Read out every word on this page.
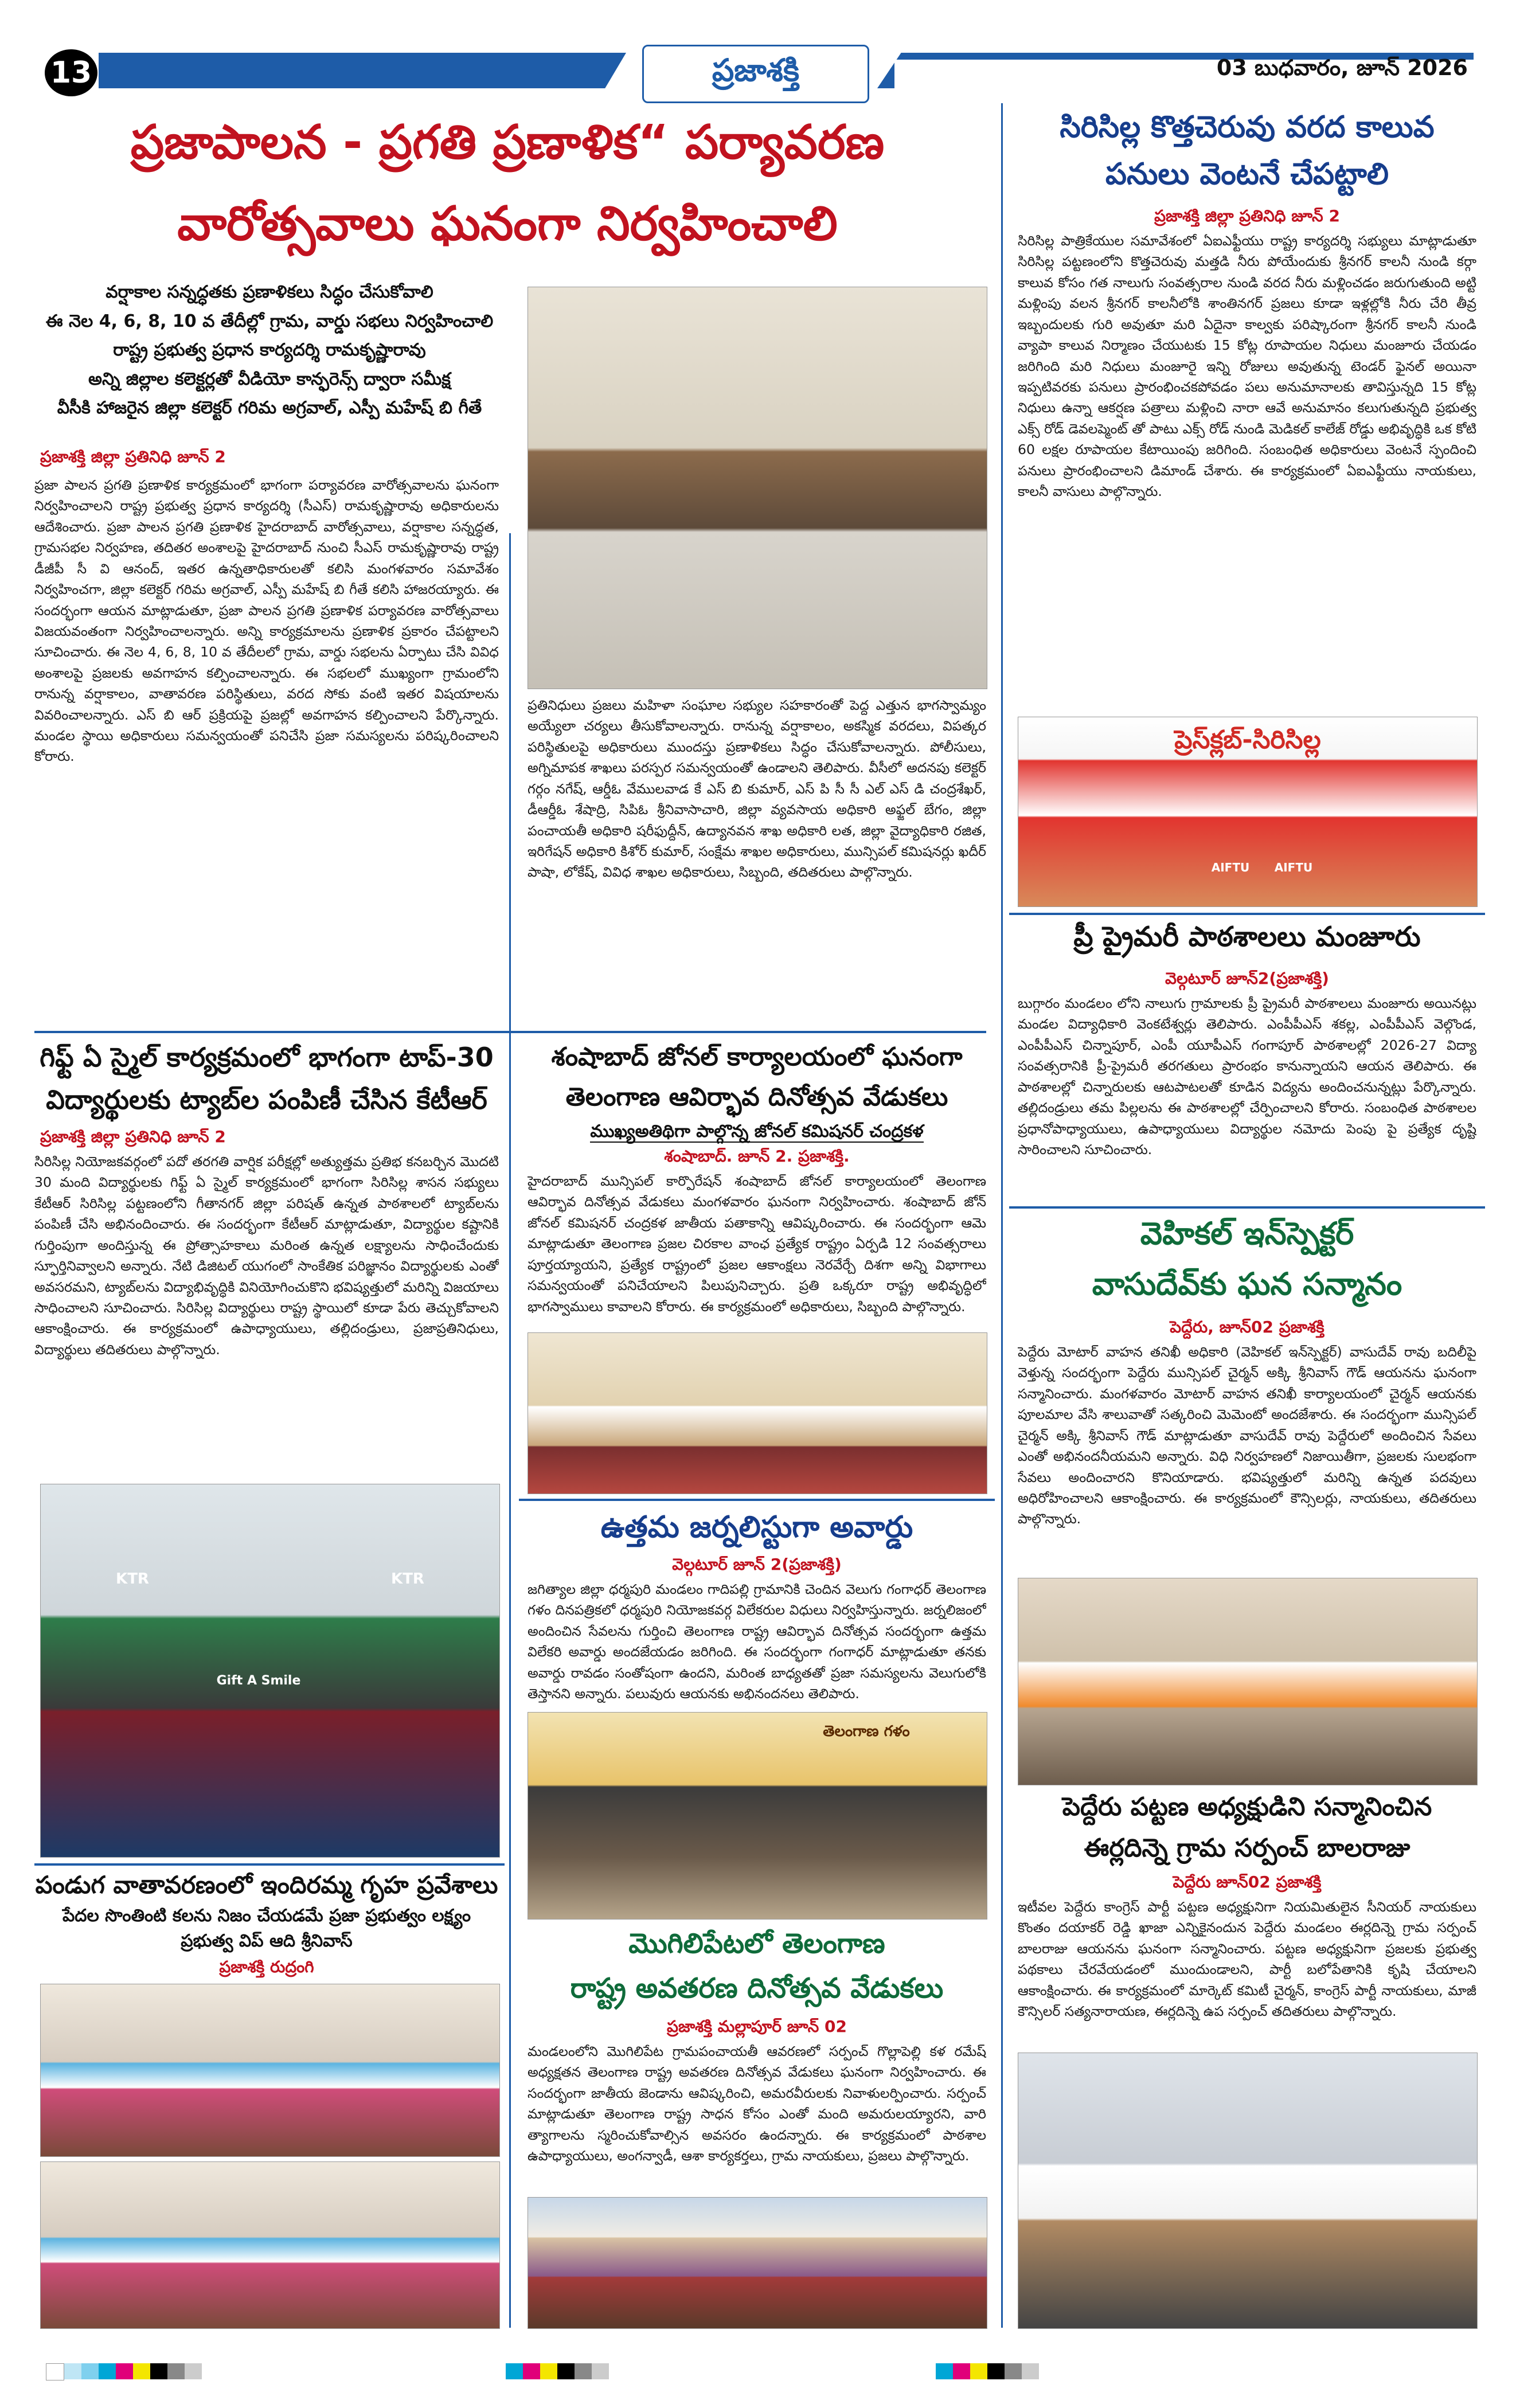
13	ప్రజాశక్తి	03 బుధవారం, జూన్ 2026
ప్రజాపాలన - ప్రగతి ప్రణాళిక“ పర్యావరణ
వారోత్సవాలు ఘనంగా నిర్వహించాలి
వర్షాకాల సన్నద్ధతకు ప్రణాళికలు సిద్ధం చేసుకోవాలి
ఈ నెల 4, 6, 8, 10 వ తేదీల్లో గ్రామ, వార్డు సభలు నిర్వహించాలి
రాష్ట్ర ప్రభుత్వ ప్రధాన కార్యదర్శి రామకృష్ణారావు
అన్ని జిల్లాల కలెక్టర్లతో వీడియో కాన్ఫరెన్స్ ద్వారా సమీక్ష
వీసీకి హాజరైన జిల్లా కలెక్టర్ గరిమ అగ్రవాల్, ఎస్పీ మహేష్ బి గీతే
ప్రజాశక్తి జిల్లా ప్రతినిధి జూన్ 2
ప్రజా పాలన ప్రగతి ప్రణాళిక కార్యక్రమంలో భాగంగా పర్యావరణ వారోత్సవాలను ఘనంగా నిర్వహించాలని రాష్ట్ర ప్రభుత్వ ప్రధాన కార్యదర్శి (సీఎస్) రామకృష్ణారావు అధికారులను ఆదేశించారు. ప్రజా పాలన ప్రగతి ప్రణాళిక హైదరాబాద్ వారోత్సవాలు, వర్షాకాల సన్నద్ధత, గ్రామసభల నిర్వహణ, తదితర అంశాలపై హైదరాబాద్ నుంచి సీఎస్ రామకృష్ణారావు రాష్ట్ర డీజీపీ సీ వి ఆనంద్, ఇతర ఉన్నతాధికారులతో కలిసి మంగళవారం సమావేశం నిర్వహించగా, జిల్లా కలెక్టర్ గరిమ అగ్రవాల్, ఎస్పీ మహేష్ బి గీతే కలిసి హాజరయ్యారు. ఈ సందర్భంగా ఆయన మాట్లాడుతూ, ప్రజా పాలన ప్రగతి ప్రణాళిక పర్యావరణ వారోత్సవాలు విజయవంతంగా నిర్వహించాలన్నారు. అన్ని కార్యక్రమాలను ప్రణాళిక ప్రకారం చేపట్టాలని సూచించారు. ఈ నెల 4, 6, 8, 10 వ తేదీలలో గ్రామ, వార్డు సభలను ఏర్పాటు చేసి వివిధ అంశాలపై ప్రజలకు అవగాహన కల్పించాలన్నారు. ఈ సభలలో ముఖ్యంగా గ్రామంలోని రానున్న వర్షాకాలం, వాతావరణ పరిస్థితులు, వరద సోకు వంటి ఇతర విషయాలను వివరించాలన్నారు. ఎస్ బి ఆర్ ప్రక్రియపై ప్రజల్లో అవగాహన కల్పించాలని పేర్కొన్నారు. మండల స్థాయి అధికారులు సమన్వయంతో పనిచేసి ప్రజా సమస్యలను పరిష్కరించాలని కోరారు.
ప్రతినిధులు ప్రజలు మహిళా సంఘాల సభ్యుల సహకారంతో పెద్ద ఎత్తున భాగస్వామ్యం అయ్యేలా చర్యలు తీసుకోవాలన్నారు. రానున్న వర్షాకాలం, అకస్మిక వరదలు, విపత్కర పరిస్థితులపై అధికారులు ముందస్తు ప్రణాళికలు సిద్ధం చేసుకోవాలన్నారు. పోలీసులు, అగ్నిమాపక శాఖలు పరస్పర సమన్వయంతో ఉండాలని తెలిపారు. వీసీలో అదనపు కలెక్టర్ గర్గం నగేష్, ఆర్డీఓ వేములవాడ కే ఎస్ బి కుమార్, ఎస్ పి సీ సీ ఎల్ ఎస్ డి చంద్రశేఖర్, డీఆర్డీఓ శేషాద్రి, సిపిఓ శ్రీనివాసాచారి, జిల్లా వ్యవసాయ అధికారి అఫ్జల్ బేగం, జిల్లా పంచాయతీ అధికారి షరీఫుద్దీన్, ఉద్యానవన శాఖ అధికారి లత, జిల్లా వైద్యాధికారి రజిత, ఇరిగేషన్ అధికారి కిశోర్ కుమార్, సంక్షేమ శాఖల అధికారులు, మున్సిపల్ కమిషనర్లు ఖదీర్ పాషా, లోకేష్, వివిధ శాఖల అధికారులు, సిబ్బంది, తదితరులు పాల్గొన్నారు.
గిఫ్ట్ ఏ స్మైల్ కార్యక్రమంలో భాగంగా టాప్-30
విద్యార్థులకు ట్యాబ్‌ల పంపిణీ చేసిన కేటీఆర్
ప్రజాశక్తి జిల్లా ప్రతినిధి జూన్ 2
సిరిసిల్ల నియోజకవర్గంలో పదో తరగతి వార్షిక పరీక్షల్లో అత్యుత్తమ ప్రతిభ కనబర్చిన మొదటి 30 మంది విద్యార్థులకు గిఫ్ట్ ఏ స్మైల్ కార్యక్రమంలో భాగంగా సిరిసిల్ల శాసన సభ్యులు కేటీఆర్ సిరిసిల్ల పట్టణంలోని గీతానగర్ జిల్లా పరిషత్ ఉన్నత పాఠశాలలో ట్యాబ్‌లను పంపిణీ చేసి అభినందించారు. ఈ సందర్భంగా కేటీఆర్ మాట్లాడుతూ, విద్యార్థుల కష్టానికి గుర్తింపుగా అందిస్తున్న ఈ ప్రోత్సాహకాలు మరింత ఉన్నత లక్ష్యాలను సాధించేందుకు స్ఫూర్తినివ్వాలని అన్నారు. నేటి డిజిటల్ యుగంలో సాంకేతిక పరిజ్ఞానం విద్యార్థులకు ఎంతో అవసరమని, ట్యాబ్‌లను విద్యాభివృద్ధికి వినియోగించుకొని భవిష్యత్తులో మరిన్ని విజయాలు సాధించాలని సూచించారు. సిరిసిల్ల విద్యార్థులు రాష్ట్ర స్థాయిలో కూడా పేరు తెచ్చుకోవాలని ఆకాంక్షించారు. ఈ కార్యక్రమంలో ఉపాధ్యాయులు, తల్లిదండ్రులు, ప్రజాప్రతినిధులు, విద్యార్థులు తదితరులు పాల్గొన్నారు.
KTR
Gift A Smile
KTR
పండుగ వాతావరణంలో ఇందిరమ్మ గృహ ప్రవేశాలు
పేదల సొంతింటి కలను నిజం చేయడమే ప్రజా ప్రభుత్వం లక్ష్యం
ప్రభుత్వ విప్ ఆది శ్రీనివాస్
ప్రజాశక్తి రుద్రంగి
శంషాబాద్ జోనల్ కార్యాలయంలో ఘనంగా
తెలంగాణ ఆవిర్భావ దినోత్సవ వేడుకలు
ముఖ్యఅతిథిగా పాల్గొన్న జోనల్ కమిషనర్ చంద్రకళ
శంషాబాద్. జూన్ 2. ప్రజాశక్తి.
హైదరాబాద్ మున్సిపల్ కార్పొరేషన్ శంషాబాద్ జోనల్ కార్యాలయంలో తెలంగాణ ఆవిర్భావ దినోత్సవ వేడుకలు మంగళవారం ఘనంగా నిర్వహించారు. శంషాబాద్ జోన్ జోనల్ కమిషనర్ చంద్రకళ జాతీయ పతాకాన్ని ఆవిష్కరించారు. ఈ సందర్భంగా ఆమె మాట్లాడుతూ తెలంగాణ ప్రజల చిరకాల వాంఛ ప్రత్యేక రాష్ట్రం ఏర్పడి 12 సంవత్సరాలు పూర్తయ్యాయని, ప్రత్యేక రాష్ట్రంలో ప్రజల ఆకాంక్షలు నెరవేర్చే దిశగా అన్ని విభాగాలు సమన్వయంతో పనిచేయాలని పిలుపునిచ్చారు. ప్రతి ఒక్కరూ రాష్ట్ర అభివృద్ధిలో భాగస్వాములు కావాలని కోరారు. ఈ కార్యక్రమంలో అధికారులు, సిబ్బంది పాల్గొన్నారు.
ఉత్తమ జర్నలిస్టుగా అవార్డు
వెల్గటూర్ జూన్ 2(ప్రజాశక్తి)
జగిత్యాల జిల్లా ధర్మపురి మండలం గాదిపల్లి గ్రామానికి చెందిన వెలుగు గంగాధర్ తెలంగాణ గళం దినపత్రికలో ధర్మపురి నియోజకవర్గ విలేకరుల విధులు నిర్వహిస్తున్నారు. జర్నలిజంలో అందించిన సేవలను గుర్తించి తెలంగాణ రాష్ట్ర ఆవిర్భావ దినోత్సవ సందర్భంగా ఉత్తమ విలేకరి అవార్డు అందజేయడం జరిగింది. ఈ సందర్భంగా గంగాధర్ మాట్లాడుతూ తనకు అవార్డు రావడం సంతోషంగా ఉందని, మరింత బాధ్యతతో ప్రజా సమస్యలను వెలుగులోకి తెస్తానని అన్నారు. పలువురు ఆయనకు అభినందనలు తెలిపారు.
తెలంగాణ గళం
మొగిలిపేటలో తెలంగాణ
రాష్ట్ర అవతరణ దినోత్సవ వేడుకలు
ప్రజాశక్తి మల్లాపూర్ జూన్ 02
మండలంలోని మొగిలిపేట గ్రామపంచాయతీ ఆవరణలో సర్పంచ్ గొల్లాపెల్లి కళ రమేష్ అధ్యక్షతన తెలంగాణ రాష్ట్ర అవతరణ దినోత్సవ వేడుకలు ఘనంగా నిర్వహించారు. ఈ సందర్భంగా జాతీయ జెండాను ఆవిష్కరించి, అమరవీరులకు నివాళులర్పించారు. సర్పంచ్ మాట్లాడుతూ తెలంగాణ రాష్ట్ర సాధన కోసం ఎంతో మంది అమరులయ్యారని, వారి త్యాగాలను స్మరించుకోవాల్సిన అవసరం ఉందన్నారు. ఈ కార్యక్రమంలో పాఠశాల ఉపాధ్యాయులు, అంగన్వాడీ, ఆశా కార్యకర్తలు, గ్రామ నాయకులు, ప్రజలు పాల్గొన్నారు.
సిరిసిల్ల కొత్తచెరువు వరద కాలువ
పనులు వెంటనే చేపట్టాలి
ప్రజాశక్తి జిల్లా ప్రతినిధి జూన్ 2
సిరిసిల్ల పాత్రికేయుల సమావేశంలో ఏఐఎఫ్టీయు రాష్ట్ర కార్యదర్శి సభ్యులు మాట్లాడుతూ సిరిసిల్ల పట్టణంలోని కొత్తచెరువు మత్తడి నీరు పోయేందుకు శ్రీనగర్ కాలనీ నుండి కర్గా కాలువ కోసం గత నాలుగు సంవత్సరాల నుండి వరద నీరు మళ్లించడం జరుగుతుంది అట్టి మళ్లింపు వలన శ్రీనగర్ కాలనీలోకి శాంతినగర్ ప్రజలు కూడా ఇళ్లల్లోకి నీరు చేరి తీవ్ర ఇబ్బందులకు గురి అవుతూ మరి ఏదైనా కాల్వకు పరిష్కారంగా శ్రీనగర్ కాలనీ నుండి వ్యాపా కాలువ నిర్మాణం చేయుటకు 15 కోట్ల రూపాయల నిధులు మంజూరు చేయడం జరిగింది మరి నిధులు మంజూరై ఇన్ని రోజులు అవుతున్న టెండర్ ఫైనల్ అయినా ఇప్పటివరకు పనులు ప్రారంభించకపోవడం పలు అనుమానాలకు తావిస్తున్నది 15 కోట్ల నిధులు ఉన్నా ఆకర్షణ పత్రాలు మళ్లించి నారా ఆవే అనుమానం కలుగుతున్నది ప్రభుత్వ ఎక్స్ రోడ్ డెవలప్మెంట్ తో పాటు ఎక్స్ రోడ్ నుండి మెడికల్ కాలేజ్ రోడ్డు అభివృద్ధికి ఒక కోటి 60 లక్షల రూపాయల కేటాయింపు జరిగింది. సంబంధిత అధికారులు వెంటనే స్పందించి పనులు ప్రారంభించాలని డిమాండ్ చేశారు. ఈ కార్యక్రమంలో ఏఐఎఫ్టీయు నాయకులు, కాలనీ వాసులు పాల్గొన్నారు.
ప్రెస్‌క్లబ్-సిరిసిల్ల
AIFTU	AIFTU
ప్రీ ప్రైమరీ పాఠశాలలు మంజూరు
వెల్గటూర్ జూన్2(ప్రజాశక్తి)
బుగ్గారం మండలం లోని నాలుగు గ్రామాలకు ప్రీ ప్రైమరీ పాఠశాలలు మంజూరు అయినట్లు మండల విద్యాధికారి వెంకటేశ్వర్లు తెలిపారు. ఎంపీపీఎస్ శకల్ల, ఎంపీపీఎస్ వెల్గొండ, ఎంపీపీఎస్ చిన్నాపూర్, ఎంపీ యూపీఎస్ గంగాపూర్ పాఠశాలల్లో 2026-27 విద్యా సంవత్సరానికి ప్రీ-ప్రైమరీ తరగతులు ప్రారంభం కానున్నాయని ఆయన తెలిపారు. ఈ పాఠశాలల్లో చిన్నారులకు ఆటపాటలతో కూడిన విద్యను అందించనున్నట్లు పేర్కొన్నారు. తల్లిదండ్రులు తమ పిల్లలను ఈ పాఠశాలల్లో చేర్పించాలని కోరారు. సంబంధిత పాఠశాలల ప్రధానోపాధ్యాయులు, ఉపాధ్యాయులు విద్యార్థుల నమోదు పెంపు పై ప్రత్యేక దృష్టి సారించాలని సూచించారు.
వెహికల్ ఇన్‌స్పెక్టర్
వాసుదేవ్‌కు ఘన సన్మానం
పెద్దేరు, జూన్02 ప్రజాశక్తి
పెద్దేరు మోటార్ వాహన తనిఖీ అధికారి (వెహికల్ ఇన్‌స్పెక్టర్) వాసుదేవ్ రావు బదిలీపై వెళ్తున్న సందర్భంగా పెద్దేరు మున్సిపల్ చైర్మన్ అక్కి శ్రీనివాస్ గౌడ్ ఆయనను ఘనంగా సన్మానించారు. మంగళవారం మోటార్ వాహన తనిఖీ కార్యాలయంలో చైర్మన్ ఆయనకు పూలమాల వేసి శాలువాతో సత్కరించి మెమెంటో అందజేశారు. ఈ సందర్భంగా మున్సిపల్ చైర్మన్ అక్కి శ్రీనివాస్ గౌడ్ మాట్లాడుతూ వాసుదేవ్ రావు పెద్దేరులో అందించిన సేవలు ఎంతో అభినందనీయమని అన్నారు. విధి నిర్వహణలో నిజాయితీగా, ప్రజలకు సులభంగా సేవలు అందించారని కొనియాడారు. భవిష్యత్తులో మరిన్ని ఉన్నత పదవులు అధిరోహించాలని ఆకాంక్షించారు. ఈ కార్యక్రమంలో కౌన్సిలర్లు, నాయకులు, తదితరులు పాల్గొన్నారు.
పెద్దేరు పట్టణ అధ్యక్షుడిని సన్మానించిన
ఈర్లదిన్నె గ్రామ సర్పంచ్ బాలరాజు
పెద్దేరు జూన్02 ప్రజాశక్తి
ఇటీవల పెద్దేరు కాంగ్రెస్ పార్టీ పట్టణ అధ్యక్షునిగా నియమితులైన సీనియర్ నాయకులు కొంతం దయాకర్ రెడ్డి ఖాజా ఎన్నికైనందున పెద్దేరు మండలం ఈర్లదిన్నె గ్రామ సర్పంచ్ బాలరాజు ఆయనను ఘనంగా సన్మానించారు. పట్టణ అధ్యక్షునిగా ప్రజలకు ప్రభుత్వ పథకాలు చేరవేయడంలో ముందుండాలని, పార్టీ బలోపేతానికి కృషి చేయాలని ఆకాంక్షించారు. ఈ కార్యక్రమంలో మార్కెట్ కమిటీ చైర్మన్, కాంగ్రెస్ పార్టీ నాయకులు, మాజీ కౌన్సిలర్ సత్యనారాయణ, ఈర్లదిన్నె ఉప సర్పంచ్ తదితరులు పాల్గొన్నారు.
